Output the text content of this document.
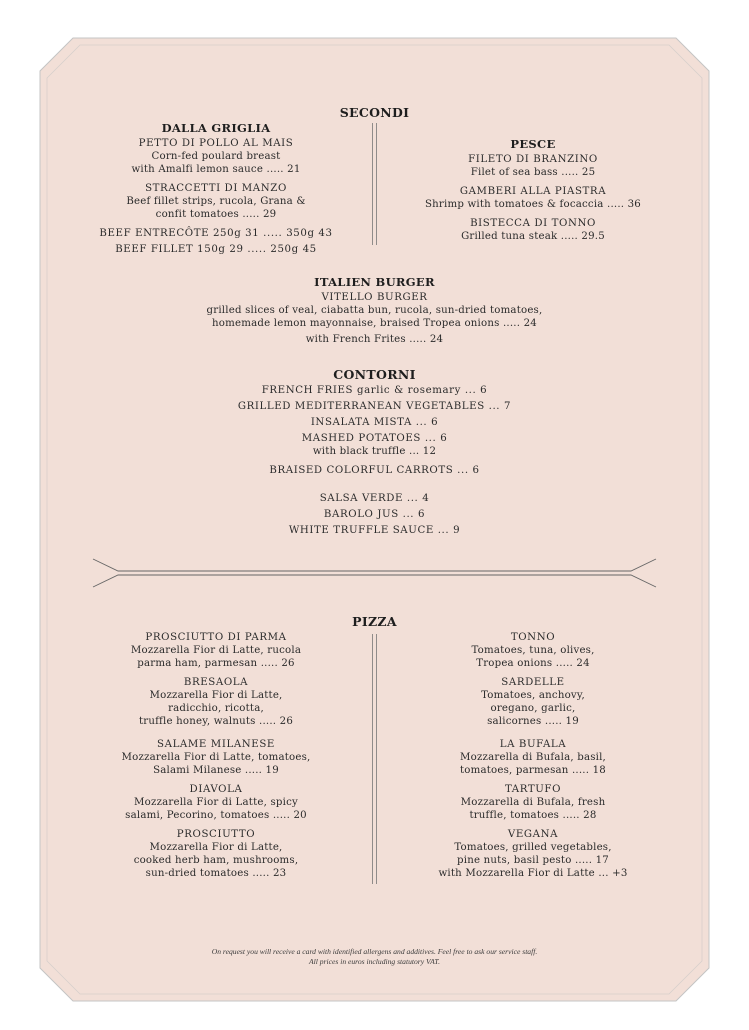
SECONDI
DALLA GRIGLIA
PETTO DI POLLO AL MAIS
Corn-fed poulard breast
with Amalfi lemon sauce ..... 21
STRACCETTI DI MANZO
Beef fillet strips, rucola, Grana &
confit tomatoes ..... 29
BEEF ENTRECÔTE 250g 31 ..... 350g 43
BEEF FILLET 150g 29 ..... 250g 45
PESCE
FILETO DI BRANZINO
Filet of sea bass ..... 25
GAMBERI ALLA PIASTRA
Shrimp with tomatoes & focaccia ..... 36
BISTECCA DI TONNO
Grilled tuna steak ..... 29.5
ITALIEN BURGER
VITELLO BURGER
grilled slices of veal, ciabatta bun, rucola, sun-dried tomatoes,
homemade lemon mayonnaise, braised Tropea onions ..... 24
with French Frites ..... 24
CONTORNI
FRENCH FRIES garlic & rosemary ... 6
GRILLED MEDITERRANEAN VEGETABLES ... 7
INSALATA MISTA ... 6
MASHED POTATOES ... 6
with black truffle ... 12
BRAISED COLORFUL CARROTS ... 6
SALSA VERDE ... 4
BAROLO JUS ... 6
WHITE TRUFFLE SAUCE ... 9
PIZZA
PROSCIUTTO DI PARMA
Mozzarella Fior di Latte, rucola
parma ham, parmesan ..... 26
BRESAOLA
Mozzarella Fior di Latte,
radicchio, ricotta,
truffle honey, walnuts ..... 26
SALAME MILANESE
Mozzarella Fior di Latte, tomatoes,
Salami Milanese ..... 19
DIAVOLA
Mozzarella Fior di Latte, spicy
salami, Pecorino, tomatoes ..... 20
PROSCIUTTO
Mozzarella Fior di Latte,
cooked herb ham, mushrooms,
sun-dried tomatoes ..... 23
TONNO
Tomatoes, tuna, olives,
Tropea onions ..... 24
SARDELLE
Tomatoes, anchovy,
oregano, garlic,
salicornes ..... 19
LA BUFALA
Mozzarella di Bufala, basil,
tomatoes, parmesan ..... 18
TARTUFO
Mozzarella di Bufala, fresh
truffle, tomatoes ..... 28
VEGANA
Tomatoes, grilled vegetables,
pine nuts, basil pesto ..... 17
with Mozzarella Fior di Latte ... +3
On request you will receive a card with identified allergens and additives. Feel free to ask our service staff.
All prices in euros including statutory VAT.
